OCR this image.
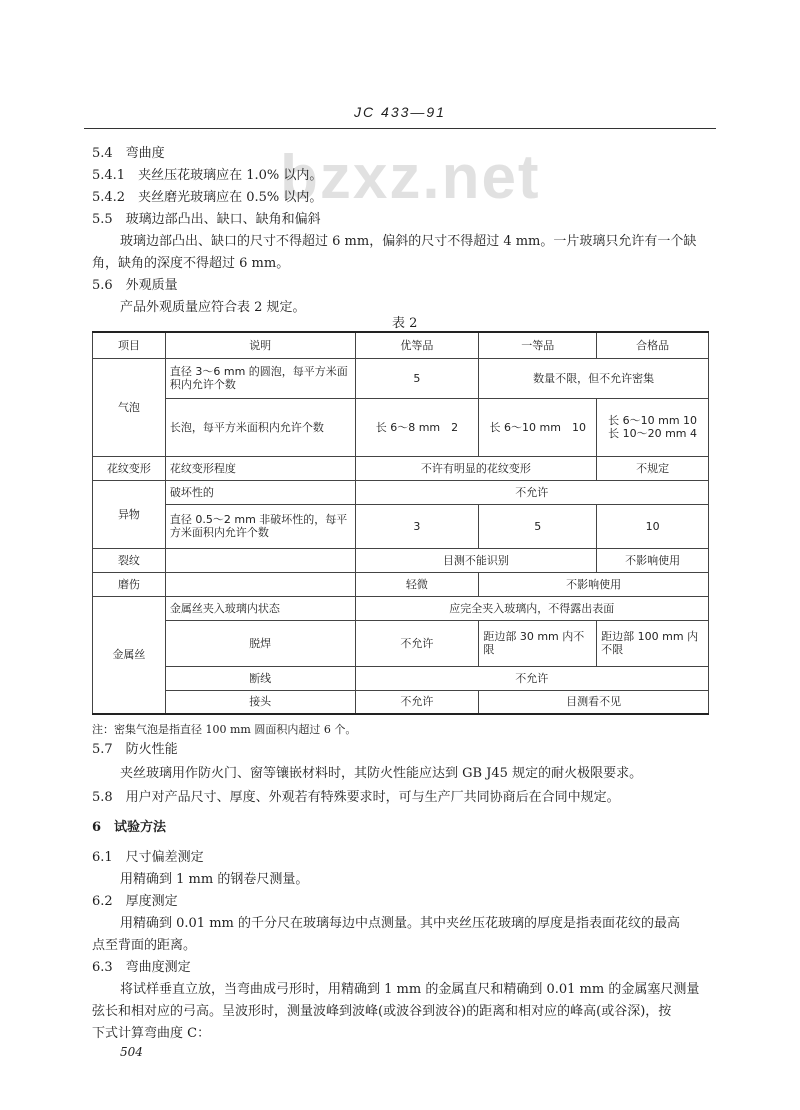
JC 433—91
bzxz.net
5.4　弯曲度
5.4.1　夹丝压花玻璃应在 1.0% 以内。
5.4.2　夹丝磨光玻璃应在 0.5% 以内。
5.5　玻璃边部凸出、缺口、缺角和偏斜
玻璃边部凸出、缺口的尺寸不得超过 6 mm，偏斜的尺寸不得超过 4 mm。一片玻璃只允许有一个缺
角，缺角的深度不得超过 6 mm。
5.6　外观质量
产品外观质量应符合表 2 规定。
表 2
项目	说明	优等品	一等品	合格品
气泡	直径 3～6 mm 的圆泡，每平方米面积内允许个数	5	数量不限，但不允许密集	
	长泡，每平方米面积内允许个数	长 6～8 mm　2	长 6～10 mm　10	长 6～10 mm 10　长 10～20 mm 4
花纹变形	花纹变形程度	不许有明显的花纹变形		不规定
异物	破坏性的	不允许		
	直径 0.5～2 mm 非破坏性的，每平方米面积内允许个数	3	5	10
裂纹		目测不能识别		不影响使用
磨伤		轻微	不影响使用	
金属丝	金属丝夹入玻璃内状态	应完全夹入玻璃内，不得露出表面		
	脱焊	不允许	距边部 30 mm 内不限	距边部 100 mm 内不限
	断线	不允许		
	接头	不允许	目测看不见	
注：密集气泡是指直径 100 mm 圆面积内超过 6 个。
5.7　防火性能
夹丝玻璃用作防火门、窗等镶嵌材料时，其防火性能应达到 GB J45 规定的耐火极限要求。
5.8　用户对产品尺寸、厚度、外观若有特殊要求时，可与生产厂共同协商后在合同中规定。
6　试验方法
6.1　尺寸偏差测定
用精确到 1 mm 的钢卷尺测量。
6.2　厚度测定
用精确到 0.01 mm 的千分尺在玻璃每边中点测量。其中夹丝压花玻璃的厚度是指表面花纹的最高
点至背面的距离。
6.3　弯曲度测定
将试样垂直立放，当弯曲成弓形时，用精确到 1 mm 的金属直尺和精确到 0.01 mm 的金属塞尺测量
弦长和相对应的弓高。呈波形时，测量波峰到波峰(或波谷到波谷)的距离和相对应的峰高(或谷深)，按
下式计算弯曲度 C：
504
